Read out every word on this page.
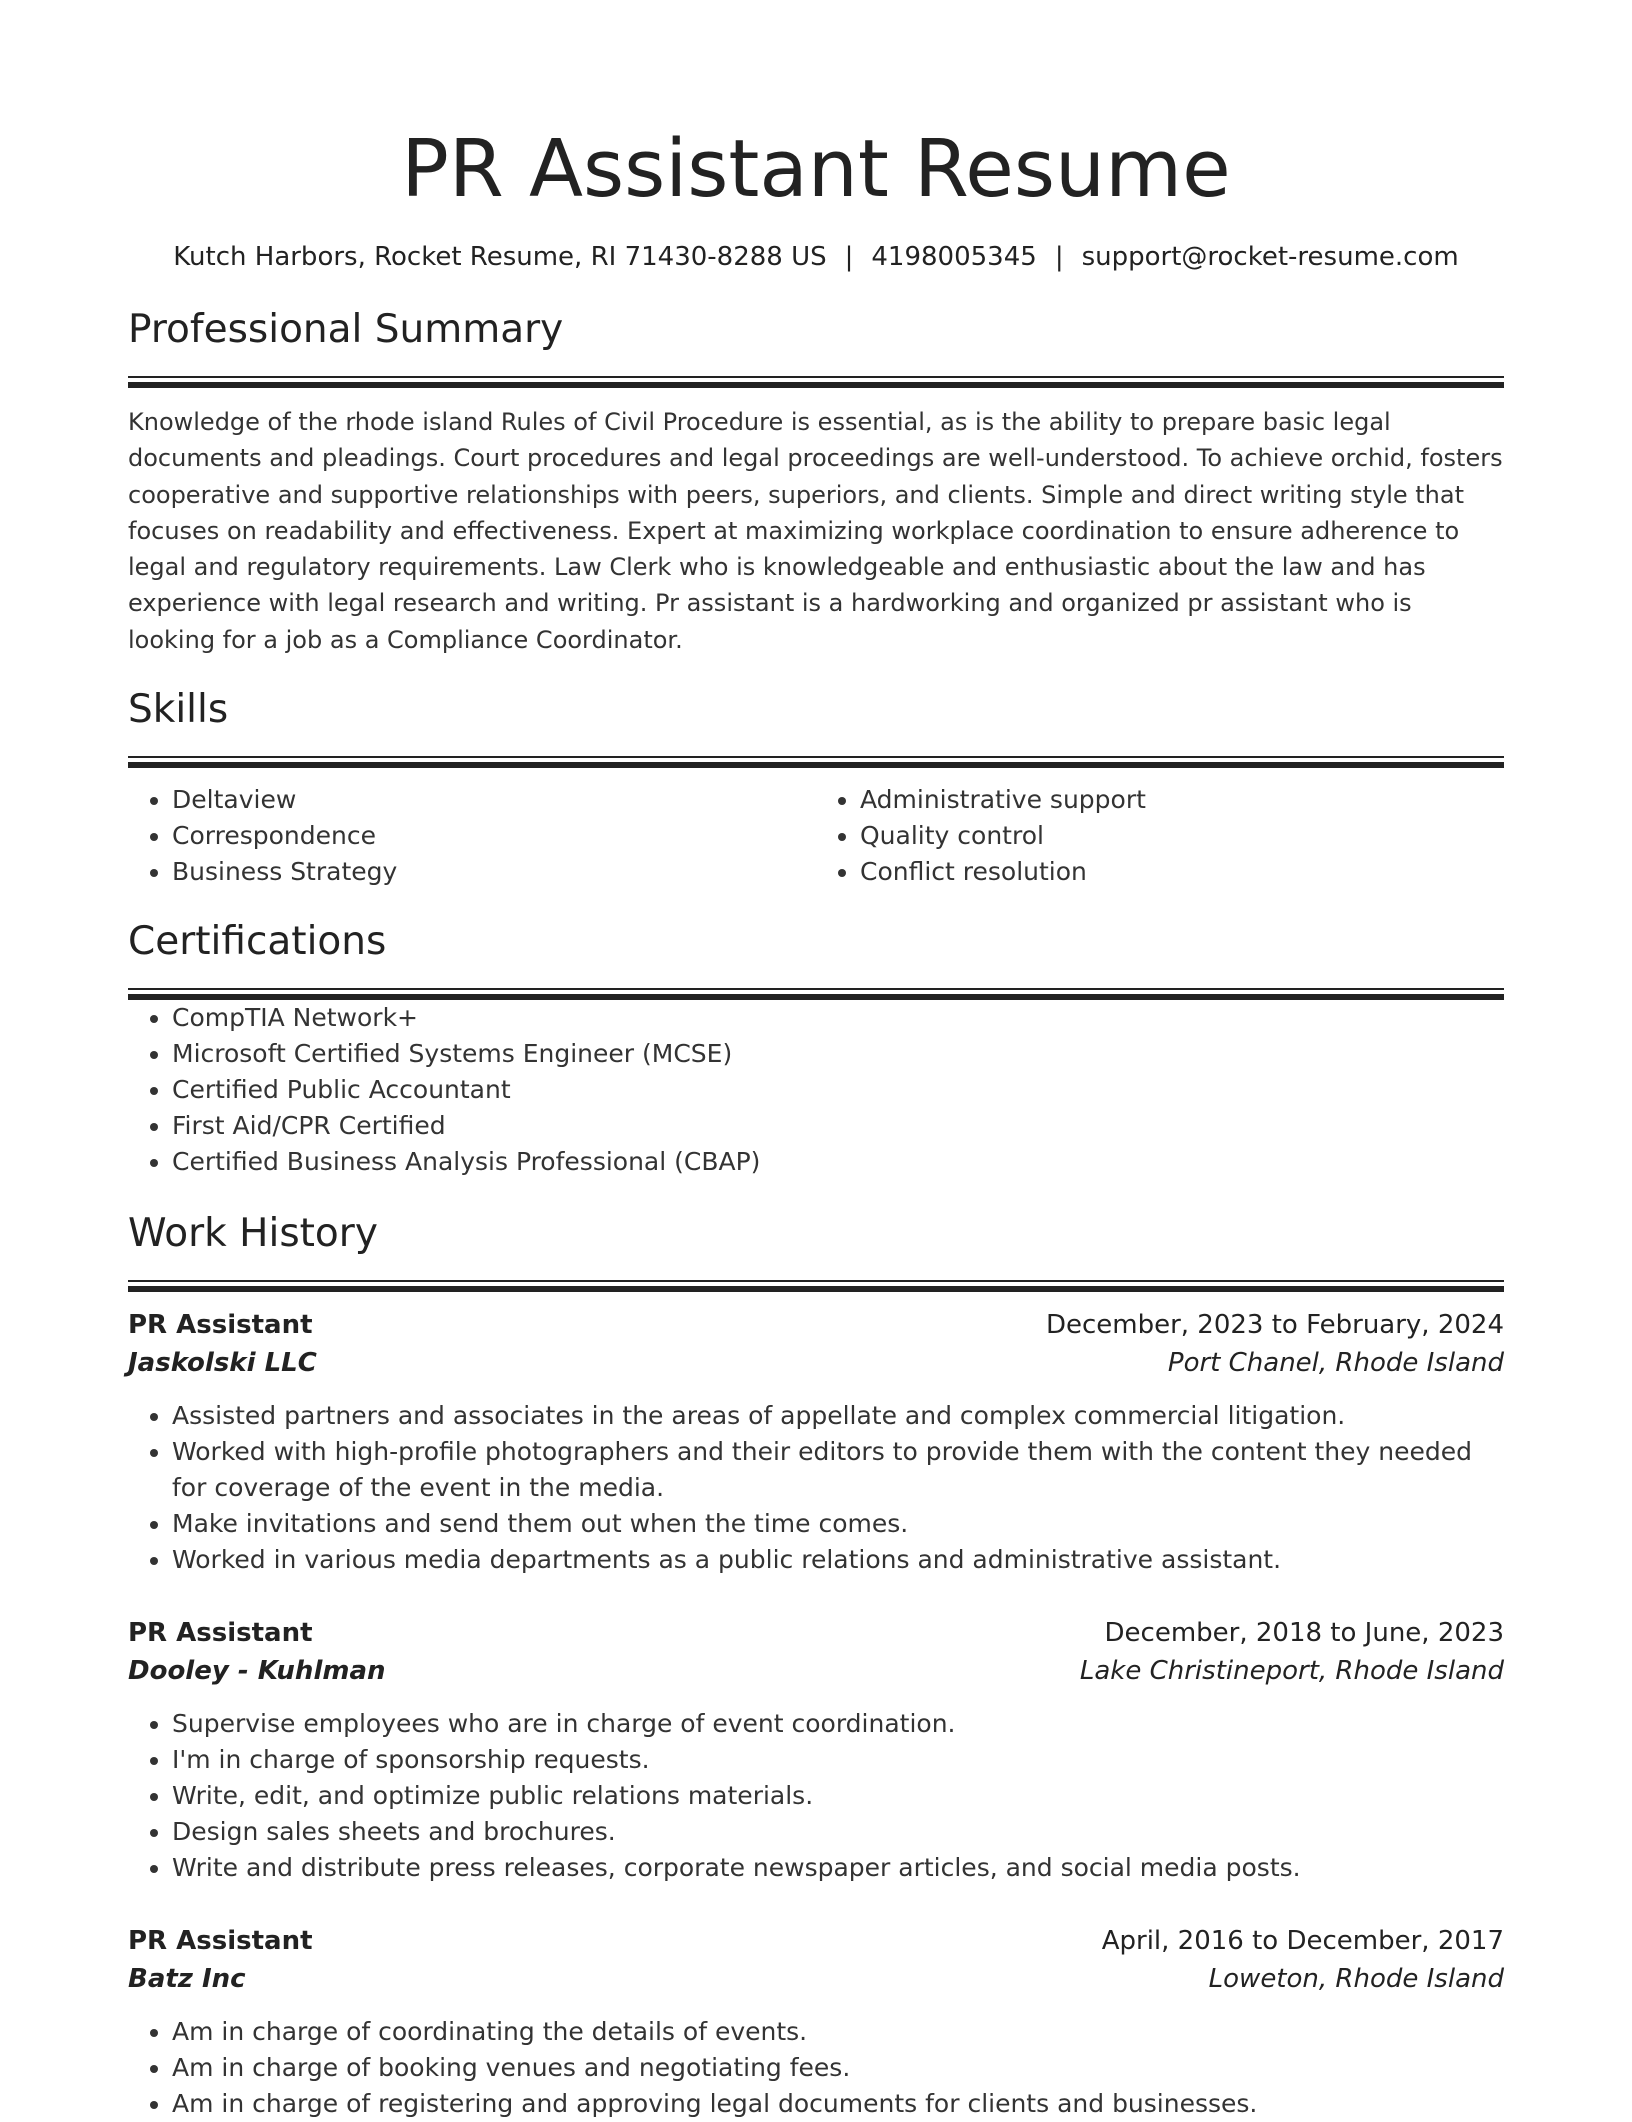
PR Assistant Resume
Kutch Harbors, Rocket Resume, RI 71430-8288 US | 4198005345 | support@rocket-resume.com
Professional Summary
Knowledge of the rhode island Rules of Civil Procedure is essential, as is the ability to prepare basic legal documents and pleadings. Court procedures and legal proceedings are well-understood. To achieve orchid, fosters cooperative and supportive relationships with peers, superiors, and clients. Simple and direct writing style that focuses on readability and effectiveness. Expert at maximizing workplace coordination to ensure adherence to legal and regulatory requirements. Law Clerk who is knowledgeable and enthusiastic about the law and has experience with legal research and writing. Pr assistant is a hardworking and organized pr assistant who is looking for a job as a Compliance Coordinator.
Skills
• Deltaview
• Correspondence
• Business Strategy
• Administrative support
• Quality control
• Conflict resolution
Certifications
• CompTIA Network+
• Microsoft Certified Systems Engineer (MCSE)
• Certified Public Accountant
• First Aid/CPR Certified
• Certified Business Analysis Professional (CBAP)
Work History
PR Assistant	December, 2023 to February, 2024
Jaskolski LLC	Port Chanel, Rhode Island
• Assisted partners and associates in the areas of appellate and complex commercial litigation.
• Worked with high-profile photographers and their editors to provide them with the content they needed for coverage of the event in the media.
• Make invitations and send them out when the time comes.
• Worked in various media departments as a public relations and administrative assistant.
PR Assistant	December, 2018 to June, 2023
Dooley - Kuhlman	Lake Christineport, Rhode Island
• Supervise employees who are in charge of event coordination.
• I'm in charge of sponsorship requests.
• Write, edit, and optimize public relations materials.
• Design sales sheets and brochures.
• Write and distribute press releases, corporate newspaper articles, and social media posts.
PR Assistant	April, 2016 to December, 2017
Batz Inc	Loweton, Rhode Island
• Am in charge of coordinating the details of events.
• Am in charge of booking venues and negotiating fees.
• Am in charge of registering and approving legal documents for clients and businesses.
